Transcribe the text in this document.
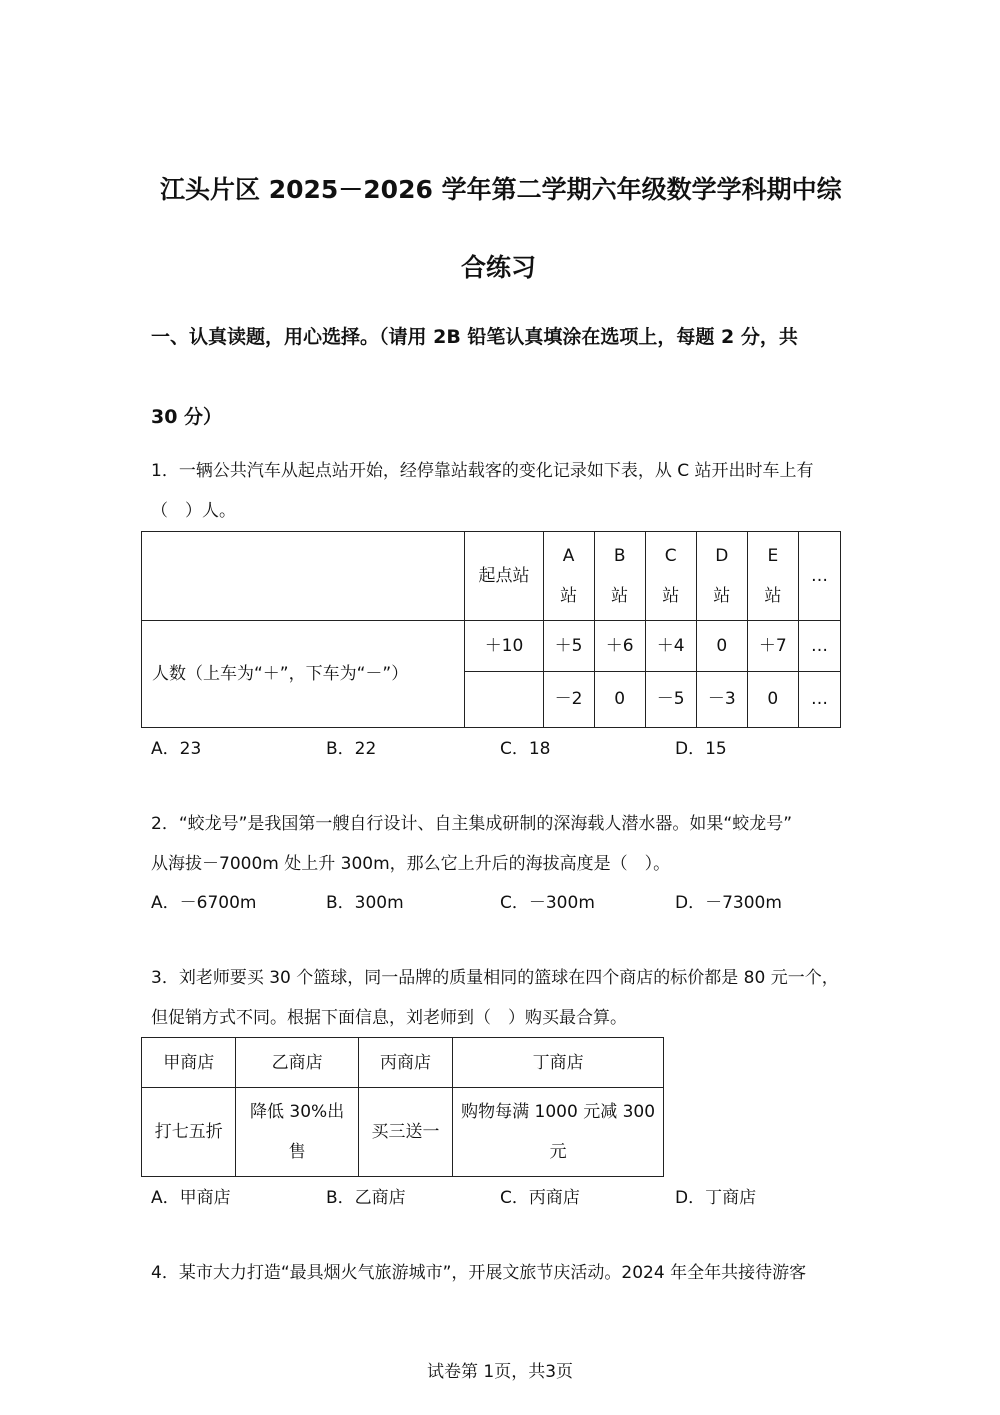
江头片区 2025－2026 学年第二学期六年级数学学科期中综
合练习
一、认真读题，用心选择。（请用 2B 铅笔认真填涂在选项上，每题 2 分，共
30 分）
1．一辆公共汽车从起点站开始，经停靠站载客的变化记录如下表，从 C 站开出时车上有
（　）人。
	起点站	A
站	B
站	C
站	D
站	E
站	…
人数（上车为“＋”，下车为“－”）	＋10	＋5	＋6	＋4	0	＋7	…
		－2	0	－5	－3	0	…
A．23	B．22	C．18	D．15
2．“蛟龙号”是我国第一艘自行设计、自主集成研制的深海载人潜水器。如果“蛟龙号”
从海拔－7000m 处上升 300m，那么它上升后的海拔高度是（　）。
A．－6700m	B．300m	C．－300m	D．－7300m
3．刘老师要买 30 个篮球，同一品牌的质量相同的篮球在四个商店的标价都是 80 元一个，
但促销方式不同。根据下面信息，刘老师到（　）购买最合算。
甲商店	乙商店	丙商店	丁商店
打七五折	降低 30%出
售	买三送一	购物每满 1000 元减 300
元
A．甲商店	B．乙商店	C．丙商店	D．丁商店
4．某市大力打造“最具烟火气旅游城市”，开展文旅节庆活动。2024 年全年共接待游客
试卷第 1页，共3页
